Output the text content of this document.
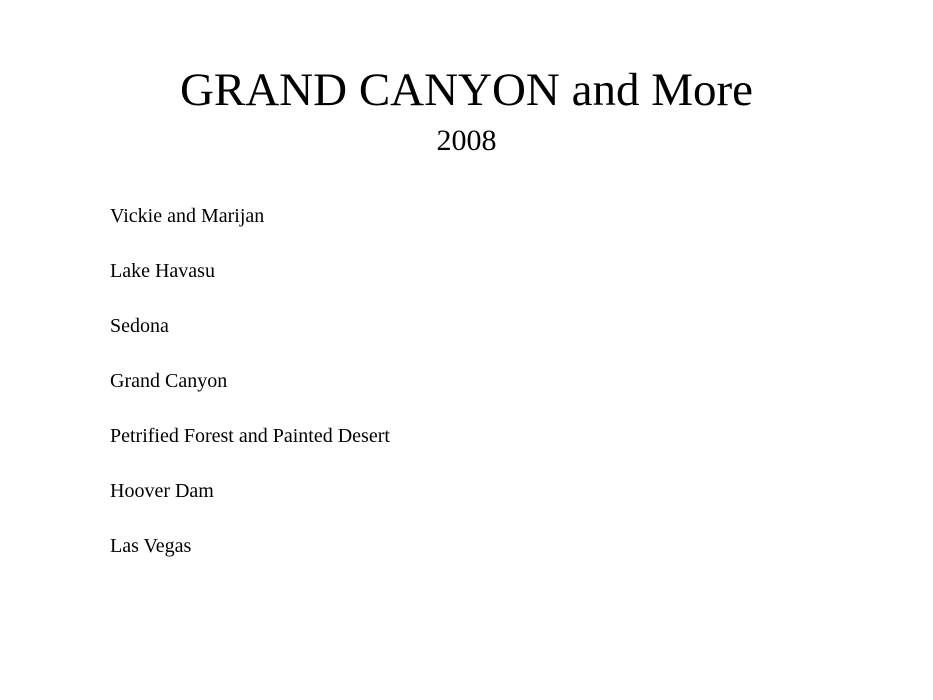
GRAND CANYON and More
2008
Vickie and Marijan
Lake Havasu
Sedona
Grand Canyon
Petrified Forest and Painted Desert
Hoover Dam
Las Vegas
